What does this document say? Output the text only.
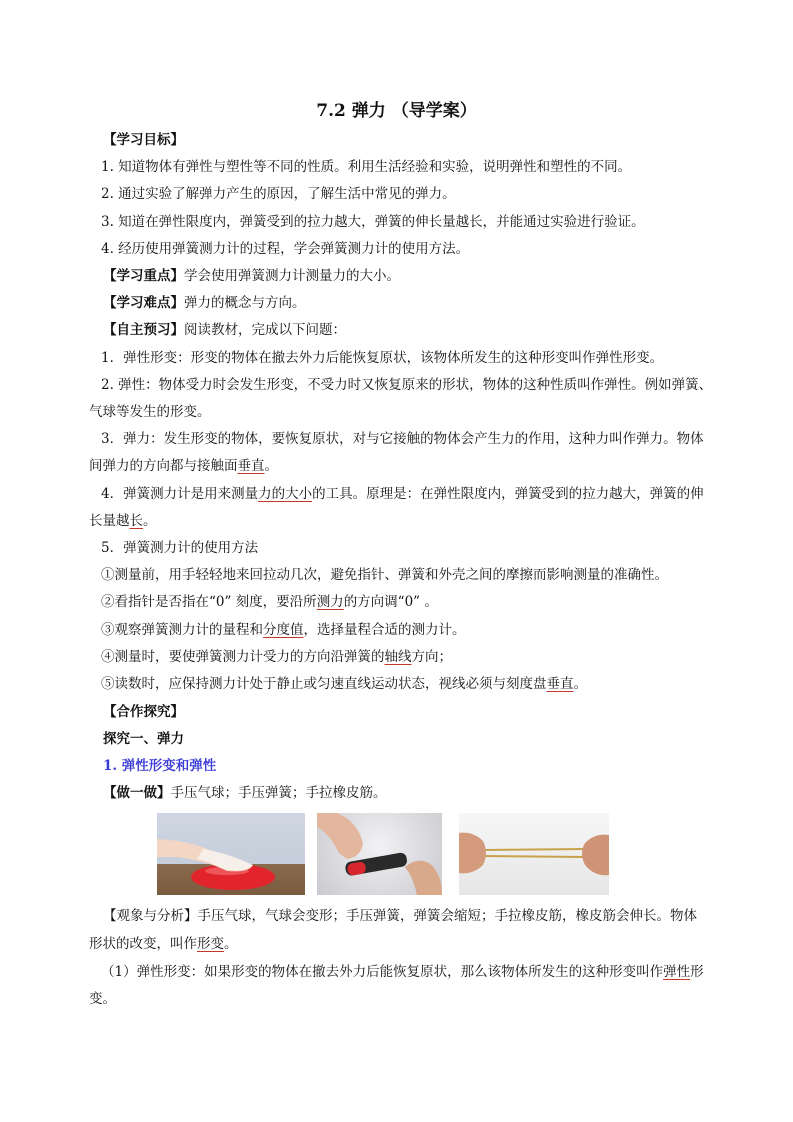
7.2 弹力 （导学案）
【学习目标】
1. 知道物体有弹性与塑性等不同的性质。利用生活经验和实验，说明弹性和塑性的不同。
2. 通过实验了解弹力产生的原因，了解生活中常见的弹力。
3. 知道在弹性限度内，弹簧受到的拉力越大，弹簧的伸长量越长，并能通过实验进行验证。
4. 经历使用弹簧测力计的过程，学会弹簧测力计的使用方法。
【学习重点】学会使用弹簧测力计测量力的大小。
【学习难点】弹力的概念与方向。
【自主预习】阅读教材，完成以下问题：
1．弹性形变：形变的物体在撤去外力后能恢复原状，该物体所发生的这种形变叫作弹性形变。
2. 弹性：物体受力时会发生形变，不受力时又恢复原来的形状，物体的这种性质叫作弹性。例如弹簧、
气球等发生的形变。
3．弹力：发生形变的物体，要恢复原状，对与它接触的物体会产生力的作用，这种力叫作弹力。物体
间弹力的方向都与接触面垂直。
4．弹簧测力计是用来测量力的大小的工具。原理是：在弹性限度内，弹簧受到的拉力越大，弹簧的伸
长量越长。
5．弹簧测力计的使用方法
①测量前，用手轻轻地来回拉动几次，避免指针、弹簧和外壳之间的摩擦而影响测量的准确性。
②看指针是否指在“0” 刻度，要沿所测力的方向调“0” 。
③观察弹簧测力计的量程和分度值，选择量程合适的测力计。
④测量时，要使弹簧测力计受力的方向沿弹簧的轴线方向；
⑤读数时，应保持测力计处于静止或匀速直线运动状态，视线必须与刻度盘垂直。
【合作探究】
探究一、弹力
1. 弹性形变和弹性
【做一做】手压气球；手压弹簧；手拉橡皮筋。
【观象与分析】手压气球，气球会变形；手压弹簧，弹簧会缩短；手拉橡皮筋，橡皮筋会伸长。物体
形状的改变，叫作形变。
（1）弹性形变：如果形变的物体在撤去外力后能恢复原状，那么该物体所发生的这种形变叫作弹性形
变。
